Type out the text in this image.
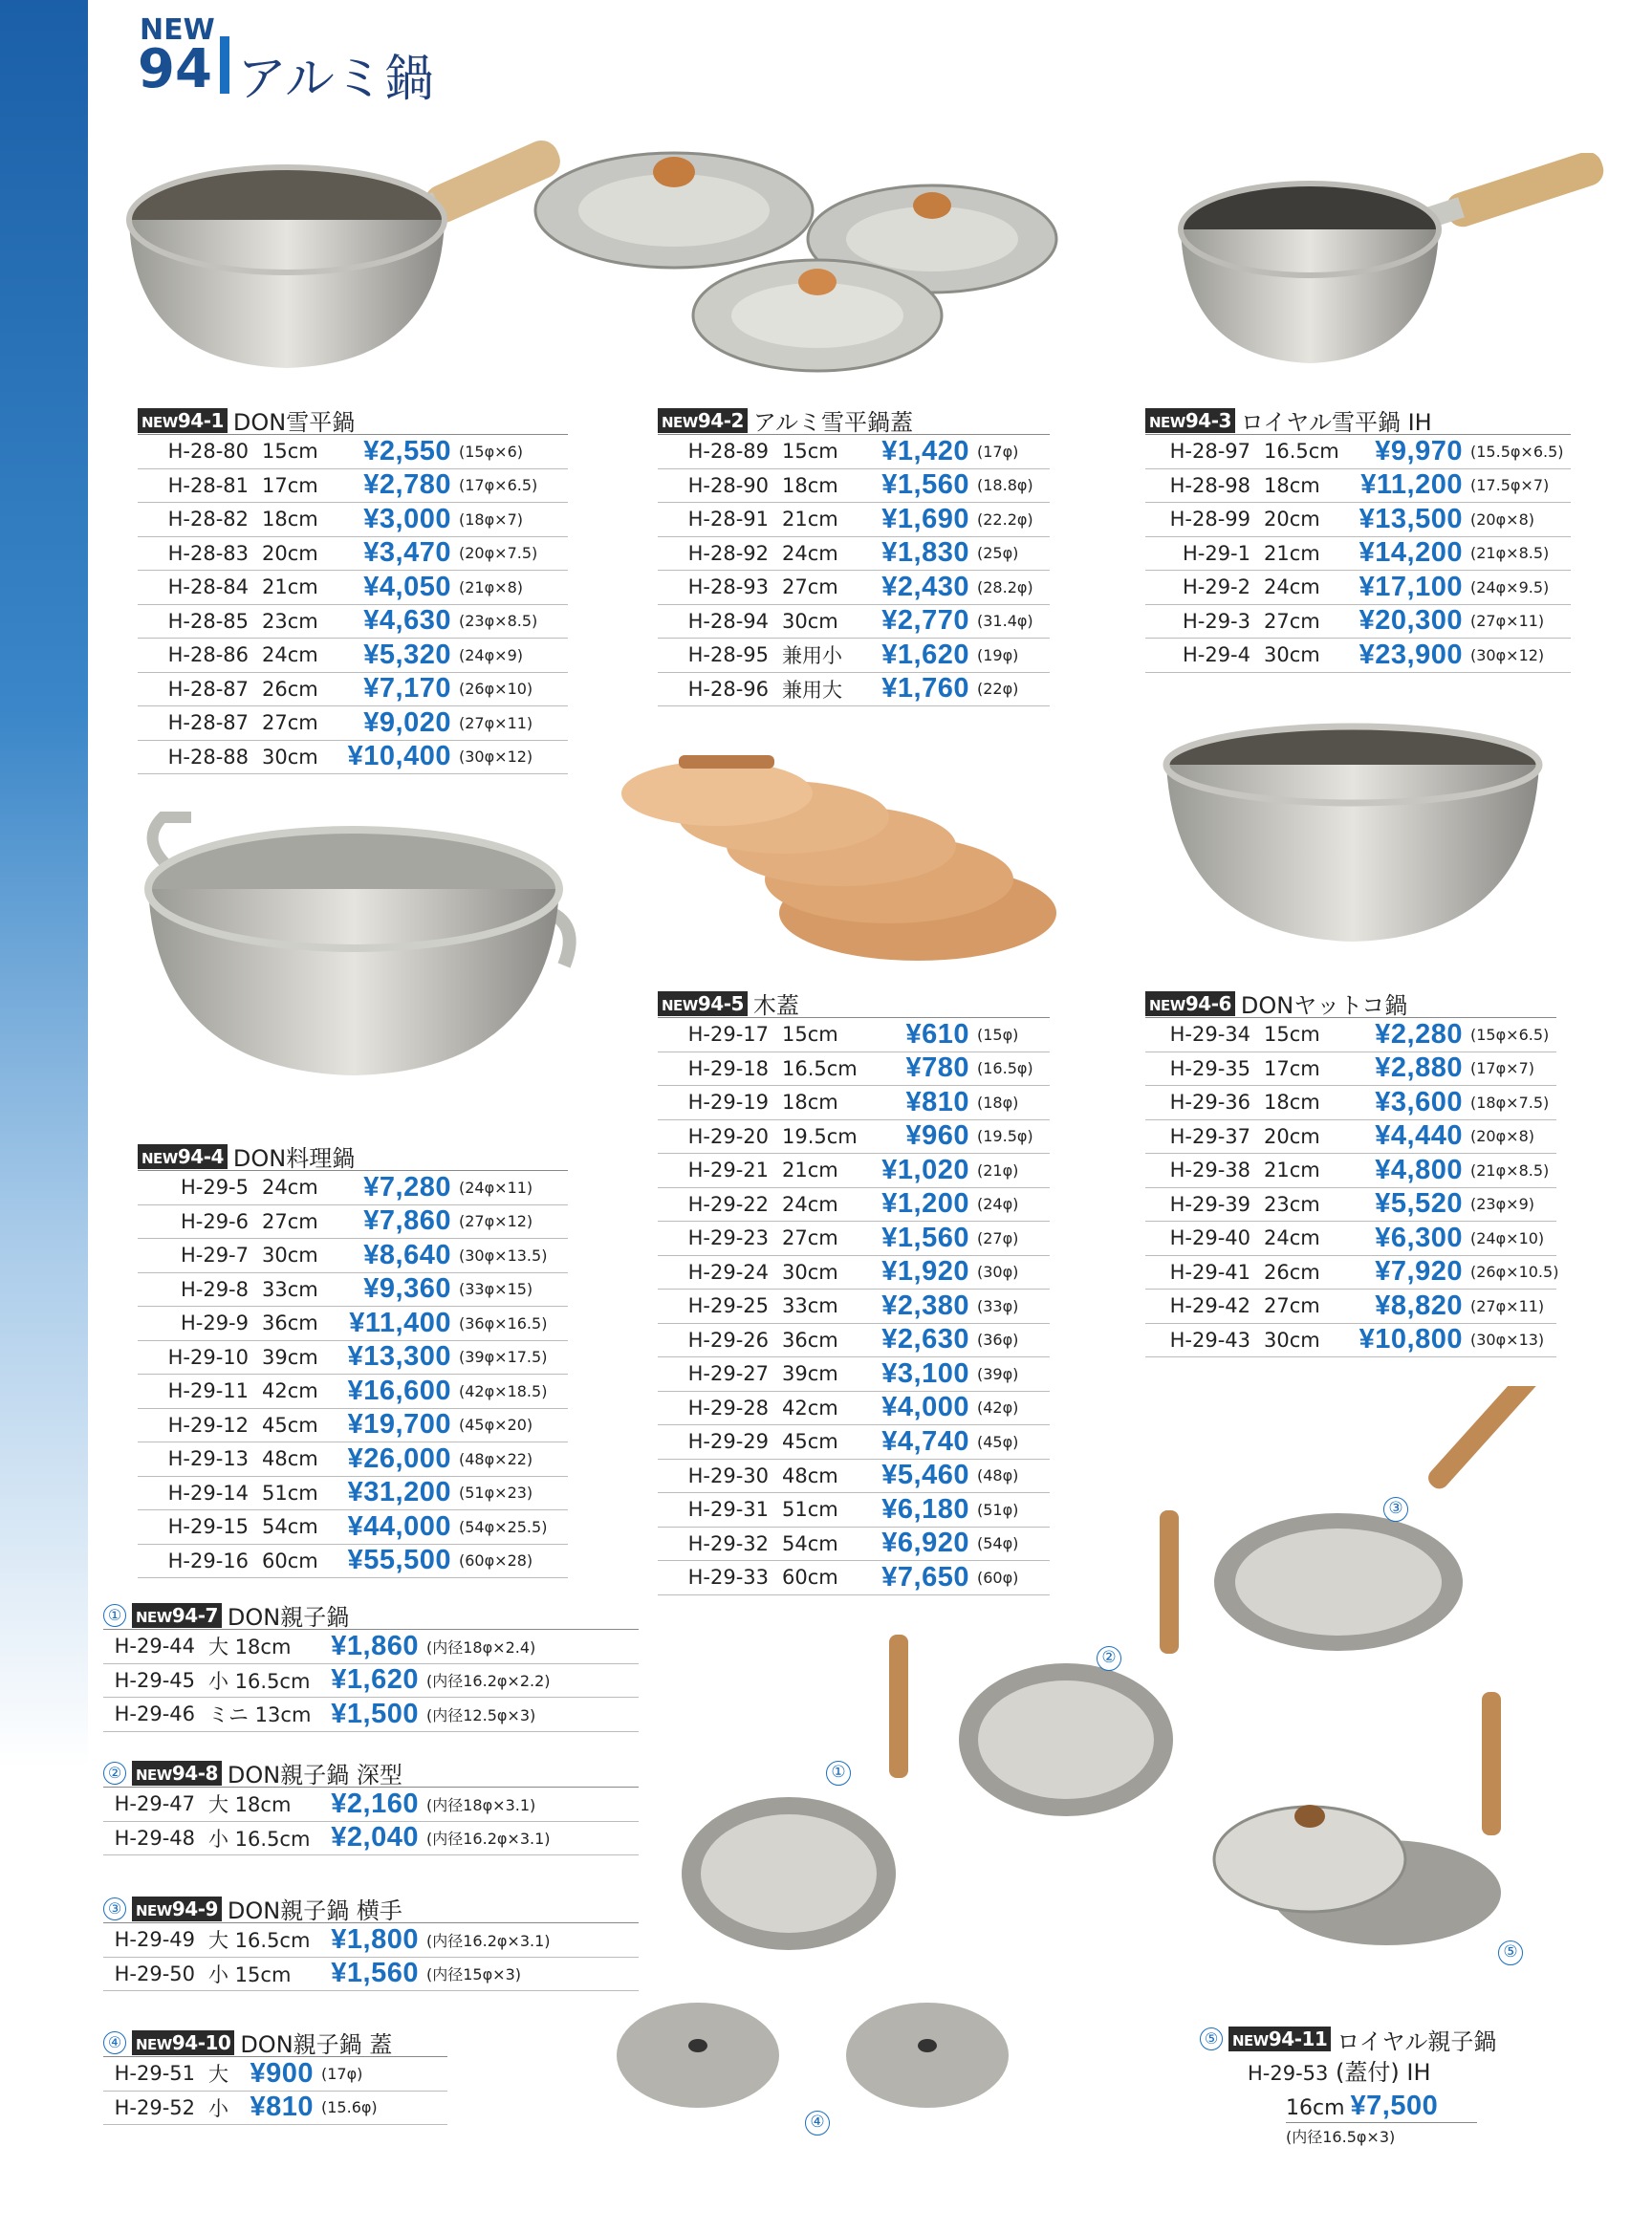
NEW
94 アルミ鍋
①
②
③
④
⑤
NEW94-1 DON雪平鍋
H-28-80 15cm	¥2,550 (15φ×6)
H-28-81 17cm	¥2,780 (17φ×6.5)
H-28-82 18cm	¥3,000 (18φ×7)
H-28-83 20cm	¥3,470 (20φ×7.5)
H-28-84 21cm	¥4,050 (21φ×8)
H-28-85 23cm	¥4,630 (23φ×8.5)
H-28-86 24cm	¥5,320 (24φ×9)
H-28-87 26cm	¥7,170 (26φ×10)
H-28-87 27cm	¥9,020 (27φ×11)
H-28-88 30cm	¥10,400 (30φ×12)
NEW94-2 アルミ雪平鍋蓋
H-28-89 15cm	¥1,420 (17φ)
H-28-90 18cm	¥1,560 (18.8φ)
H-28-91 21cm	¥1,690 (22.2φ)
H-28-92 24cm	¥1,830 (25φ)
H-28-93 27cm	¥2,430 (28.2φ)
H-28-94 30cm	¥2,770 (31.4φ)
H-28-95 兼用小	¥1,620 (19φ)
H-28-96 兼用大	¥1,760 (22φ)
NEW94-3 ロイヤル雪平鍋 IH
H-28-97 16.5cm	¥9,970 (15.5φ×6.5)
H-28-98 18cm	¥11,200 (17.5φ×7)
H-28-99 20cm	¥13,500 (20φ×8)
H-29-1 21cm	¥14,200 (21φ×8.5)
H-29-2 24cm	¥17,100 (24φ×9.5)
H-29-3 27cm	¥20,300 (27φ×11)
H-29-4 30cm	¥23,900 (30φ×12)
NEW94-4 DON料理鍋
H-29-5 24cm	¥7,280 (24φ×11)
H-29-6 27cm	¥7,860 (27φ×12)
H-29-7 30cm	¥8,640 (30φ×13.5)
H-29-8 33cm	¥9,360 (33φ×15)
H-29-9 36cm	¥11,400 (36φ×16.5)
H-29-10 39cm	¥13,300 (39φ×17.5)
H-29-11 42cm	¥16,600 (42φ×18.5)
H-29-12 45cm	¥19,700 (45φ×20)
H-29-13 48cm	¥26,000 (48φ×22)
H-29-14 51cm	¥31,200 (51φ×23)
H-29-15 54cm	¥44,000 (54φ×25.5)
H-29-16 60cm	¥55,500 (60φ×28)
NEW94-5 木蓋
H-29-17 15cm	¥610 (15φ)
H-29-18 16.5cm	¥780 (16.5φ)
H-29-19 18cm	¥810 (18φ)
H-29-20 19.5cm	¥960 (19.5φ)
H-29-21 21cm	¥1,020 (21φ)
H-29-22 24cm	¥1,200 (24φ)
H-29-23 27cm	¥1,560 (27φ)
H-29-24 30cm	¥1,920 (30φ)
H-29-25 33cm	¥2,380 (33φ)
H-29-26 36cm	¥2,630 (36φ)
H-29-27 39cm	¥3,100 (39φ)
H-29-28 42cm	¥4,000 (42φ)
H-29-29 45cm	¥4,740 (45φ)
H-29-30 48cm	¥5,460 (48φ)
H-29-31 51cm	¥6,180 (51φ)
H-29-32 54cm	¥6,920 (54φ)
H-29-33 60cm	¥7,650 (60φ)
NEW94-6 DONヤットコ鍋
H-29-34 15cm	¥2,280 (15φ×6.5)
H-29-35 17cm	¥2,880 (17φ×7)
H-29-36 18cm	¥3,600 (18φ×7.5)
H-29-37 20cm	¥4,440 (20φ×8)
H-29-38 21cm	¥4,800 (21φ×8.5)
H-29-39 23cm	¥5,520 (23φ×9)
H-29-40 24cm	¥6,300 (24φ×10)
H-29-41 26cm	¥7,920 (26φ×10.5)
H-29-42 27cm	¥8,820 (27φ×11)
H-29-43 30cm	¥10,800 (30φ×13)
① NEW94-7 DON親子鍋
H-29-44 大 18cm	¥1,860 (内径18φ×2.4)
H-29-45 小 16.5cm ¥1,620 (内径16.2φ×2.2)
H-29-46 ミニ 13cm ¥1,500 (内径12.5φ×3)
② NEW94-8 DON親子鍋 深型
H-29-47 大 18cm	¥2,160 (内径18φ×3.1)
H-29-48 小 16.5cm ¥2,040 (内径16.2φ×3.1)
③ NEW94-9 DON親子鍋 横手
H-29-49 大 16.5cm ¥1,800 (内径16.2φ×3.1)
H-29-50 小 15cm	¥1,560 (内径15φ×3)
④ NEW94-10 DON親子鍋 蓋
H-29-51 大 ¥900 (17φ)
H-29-52 小 ¥810 (15.6φ)
⑤ NEW94-11 ロイヤル親子鍋
H-29-53 (蓋付) IH
16cm ¥7,500
(内径16.5φ×3)
